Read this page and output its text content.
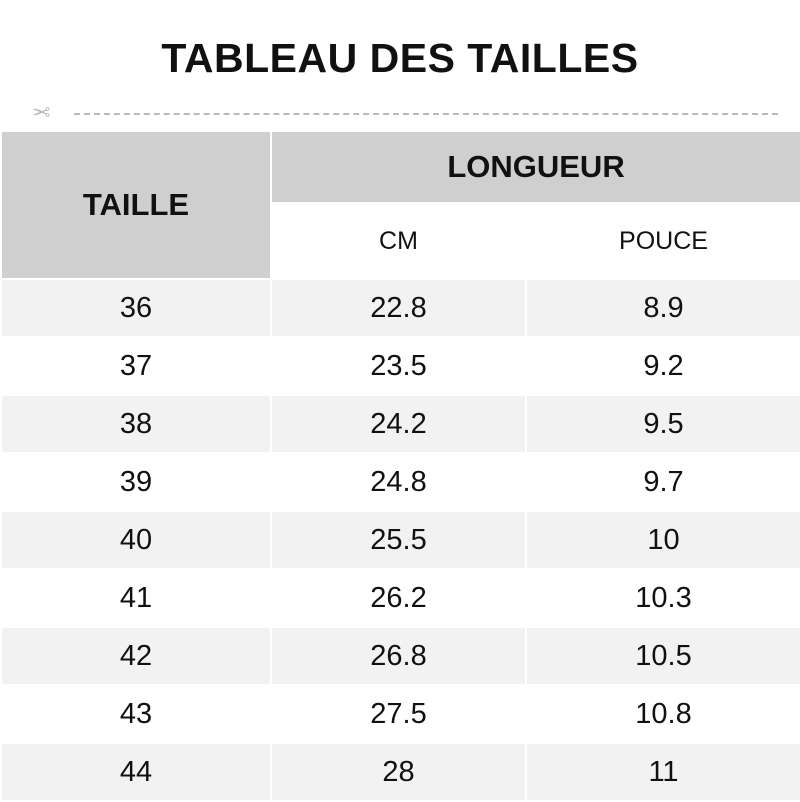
TABLEAU DES TAILLES
✂
TAILLE	LONGUEUR	
	CM	POUCE
36	22.8	8.9
37	23.5	9.2
38	24.2	9.5
39	24.8	9.7
40	25.5	10
41	26.2	10.3
42	26.8	10.5
43	27.5	10.8
44	28	11
